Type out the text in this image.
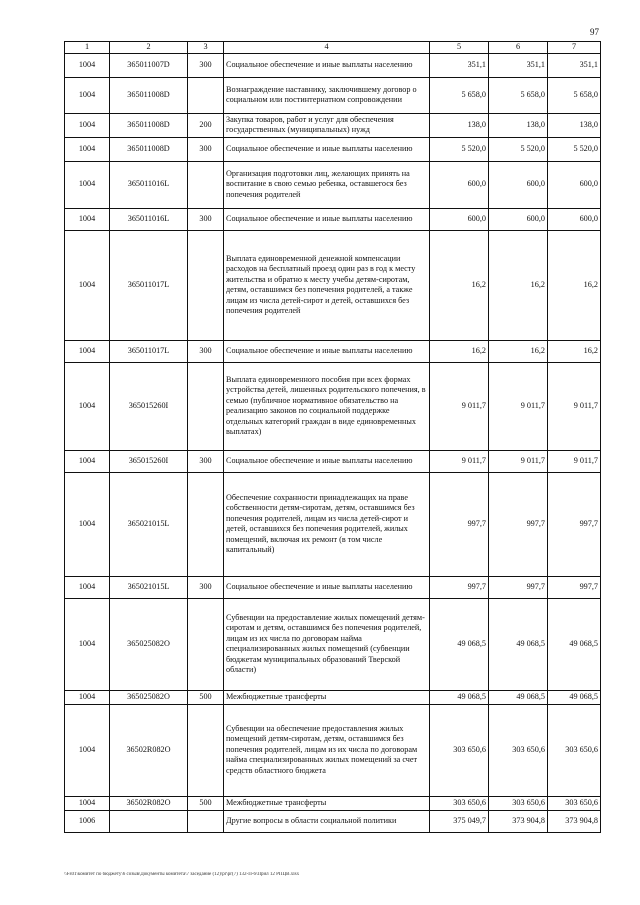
97
1	2	3	4	5	6	7
1004	365011007D	300	Социальное обеспечение и иные выплаты населению	351,1	351,1	351,1
1004	365011008D		Вознаграждение наставнику, заключившему договор о социальном или постинтернатном сопровождении	5 658,0	5 658,0	5 658,0
1004	365011008D	200	Закупка товаров, работ и услуг для обеспечения государственных (муниципальных) нужд	138,0	138,0	138,0
1004	365011008D	300	Социальное обеспечение и иные выплаты населению	5 520,0	5 520,0	5 520,0
1004	365011016L		Организация подготовки лиц, желающих принять на воспитание в свою семью ребенка, оставшегося без попечения родителей	600,0	600,0	600,0
1004	365011016L	300	Социальное обеспечение и иные выплаты населению	600,0	600,0	600,0
1004	365011017L		Выплата единовременной денежной компенсации расходов на бесплатный проезд один раз в год к месту жительства и обратно к месту учебы детям-сиротам, детям, оставшимся без попечения родителей, а также лицам из числа детей-сирот и детей, оставшихся без попечения родителей	16,2	16,2	16,2
1004	365011017L	300	Социальное обеспечение и иные выплаты населению	16,2	16,2	16,2
1004	365015260I		Выплата единовременного пособия при всех формах устройства детей, лишенных родительского попечения, в семью (публичное нормативное обязательство на реализацию законов по социальной поддержке отдельных категорий граждан в виде единовременных выплатах)	9 011,7	9 011,7	9 011,7
1004	365015260I	300	Социальное обеспечение и иные выплаты населению	9 011,7	9 011,7	9 011,7
1004	365021015L		Обеспечение сохранности принадлежащих на праве собственности детям-сиротам, детям, оставшимся без попечения родителей, лицам из числа детей-сирот и детей, оставшихся без попечения родителей, жилых помещений, включая их ремонт (в том числе капитальный)	997,7	997,7	997,7
1004	365021015L	300	Социальное обеспечение и иные выплаты населению	997,7	997,7	997,7
1004	365025082O		Субвенции на предоставление жилых помещений детям-сиротам и детям, оставшимся без попечения родителей, лицам из их числа по договорам найма специализированных жилых помещений (субвенции бюджетам муниципальных образований Тверской области)	49 068,5	49 068,5	49 068,5
1004	365025082O	500	Межбюджетные трансферты	49 068,5	49 068,5	49 068,5
1004	36502R082O		Субвенции на обеспечение предоставления жилых помещений детям-сиротам, детям, оставшимся без попечения родителей, лицам из их числа по договорам найма специализированных жилых помещений за счет средств областного бюджета	303 650,6	303 650,6	303 650,6
1004	36502R082O	500	Межбюджетные трансферты	303 650,6	303 650,6	303 650,6
1006			Другие вопросы в области социальной политики	375 049,7	373 904,8	373 904,8
\\Fs01\комитет по бюджету\6 созыв\Документы комитета\7 заседание (12)\pr\pr(7) 132-П-6\Прил 12 РПЦВ.xlsx
